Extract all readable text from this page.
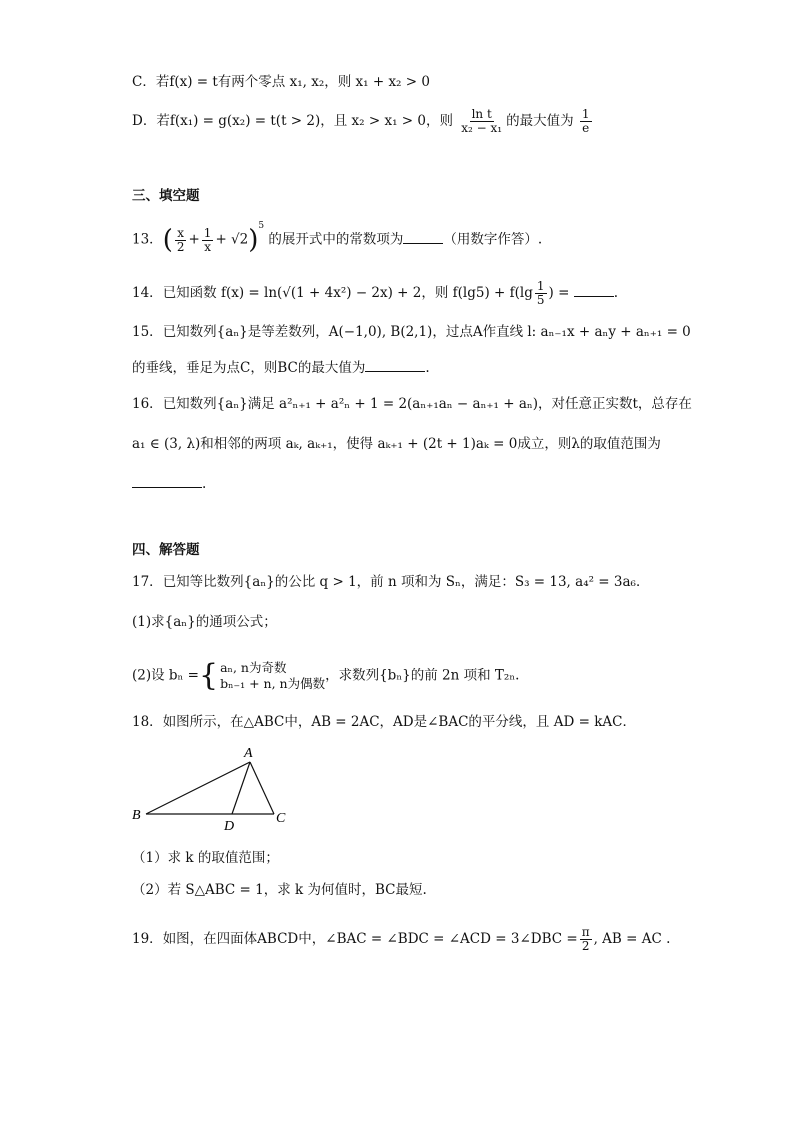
C．若f(x) = t有两个零点 x₁, x₂，则 x₁ + x₂ > 0
D．若f(x₁) = g(x₂) = t(t > 2)，且 x₂ > x₁ > 0，则 $\frac{\text{ln t}}{\text{x₂ − x₁}}$ 的最大值为 $\frac{1}{e}$
三、填空题
13．( $\frac{x}{2} + \frac{1}{x} + √2)^5$ 的展开式中的常数项为	（用数字作答）.
14．已知函数 f(x) = ln(√(1 + 4x²) − 2x) + 2，则 $f(\lg 5) + f(\lg \frac{1}{5}$ ) =	.
15．已知数列{aₙ}是等差数列，A(−1,0), B(2,1)，过点A作直线 l: aₙ₋₁x + aₙy + aₙ₊₁ = 0
的垂线，垂足为点C，则BC的最大值为	.
16．已知数列{aₙ}满足 a²ₙ₊₁ + a²ₙ + 1 = 2(aₙ₊₁aₙ − aₙ₊₁ + aₙ)，对任意正实数t，总存在
a₁ ∈ (3, λ)和相邻的两项 aₖ, aₖ₊₁，使得 aₖ₊₁ + (2t + 1)aₖ = 0成立，则λ的取值范围为
.
四、解答题
17．已知等比数列{aₙ}的公比 q > 1，前 n 项和为 Sₙ，满足：S₃ = 13, a₄² = 3a₆．
(1)求{aₙ}的通项公式；
(2)设 bₙ ={ aₙ, n为奇数
bₙ₋₁ + n, n为偶数 ，求数列{bₙ}的前 2n 项和 T₂ₙ.
18．如图所示，在△ABC中，AB = 2AC，AD是∠BAC的平分线，且 AD = kAC．
A
B	C
D
（1）求 k 的取值范围；
（2）若 S△ABC = 1，求 k 为何值时，BC最短.
19．如图，在四面体ABCD中，∠BAC = ∠BDC = ∠ACD = 3∠DBC = $\frac{\pi}{2}$ , AB = AC .
